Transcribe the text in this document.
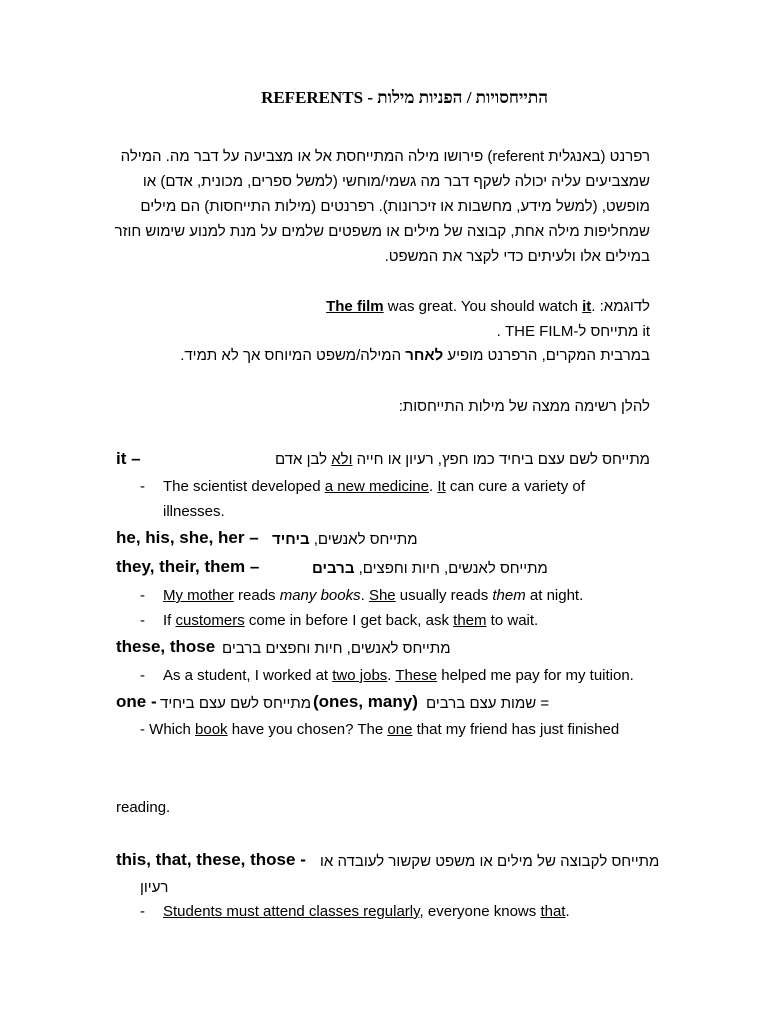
התייחסויות / הפניות מילות - REFERENTS
רפרנט (באנגלית referent) פירושו מילה המתייחסת אל או מצביעה על דבר מה. המילה
שמצביעים עליה יכולה לשקף דבר מה גשמי/מוחשי (למשל ספרים, מכונית, אדם) או
מופשט, (למשל מידע, מחשבות או זיכרונות). רפרנטים (מילות התייחסות) הם מילים
שמחליפות מילה אחת, קבוצה של מילים או משפטים שלמים על מנת למנוע שימוש חוזר
במילים אלו ולעיתים כדי לקצר את המשפט.
לדוגמא: The film was great. You should watch it.
it מתייחס ל-THE FILM .
במרבית המקרים, הרפרנט מופיע לאחר המילה/משפט המיוחס אך לא תמיד.
להלן רשימה ממצה של מילות התייחסות:
it –	מתייחס לשם עצם ביחיד כמו חפץ, רעיון או חייה ולא לבן אדם
- The scientist developed a new medicine. It can cure a variety of
illnesses.
he, his, she, her –	מתייחס לאנשים, ביחיד
they, their, them –	מתייחס לאנשים, חיות וחפצים, ברבים
- My mother reads many books. She usually reads them at night.
- If customers come in before I get back, ask them to wait.
these, those מתייחס לאנשים, חיות וחפצים ברבים
- As a student, I worked at two jobs. These helped me pay for my tuition.
one - מתייחס לשם עצם ביחיד (ones, many) = שמות עצם ברבים
- Which book have you chosen? The one that my friend has just finished
reading.
this, that, these, those - מתייחס לקבוצה של מילים או משפט שקשור לעובדה או
רעיון
- Students must attend classes regularly, everyone knows that.
